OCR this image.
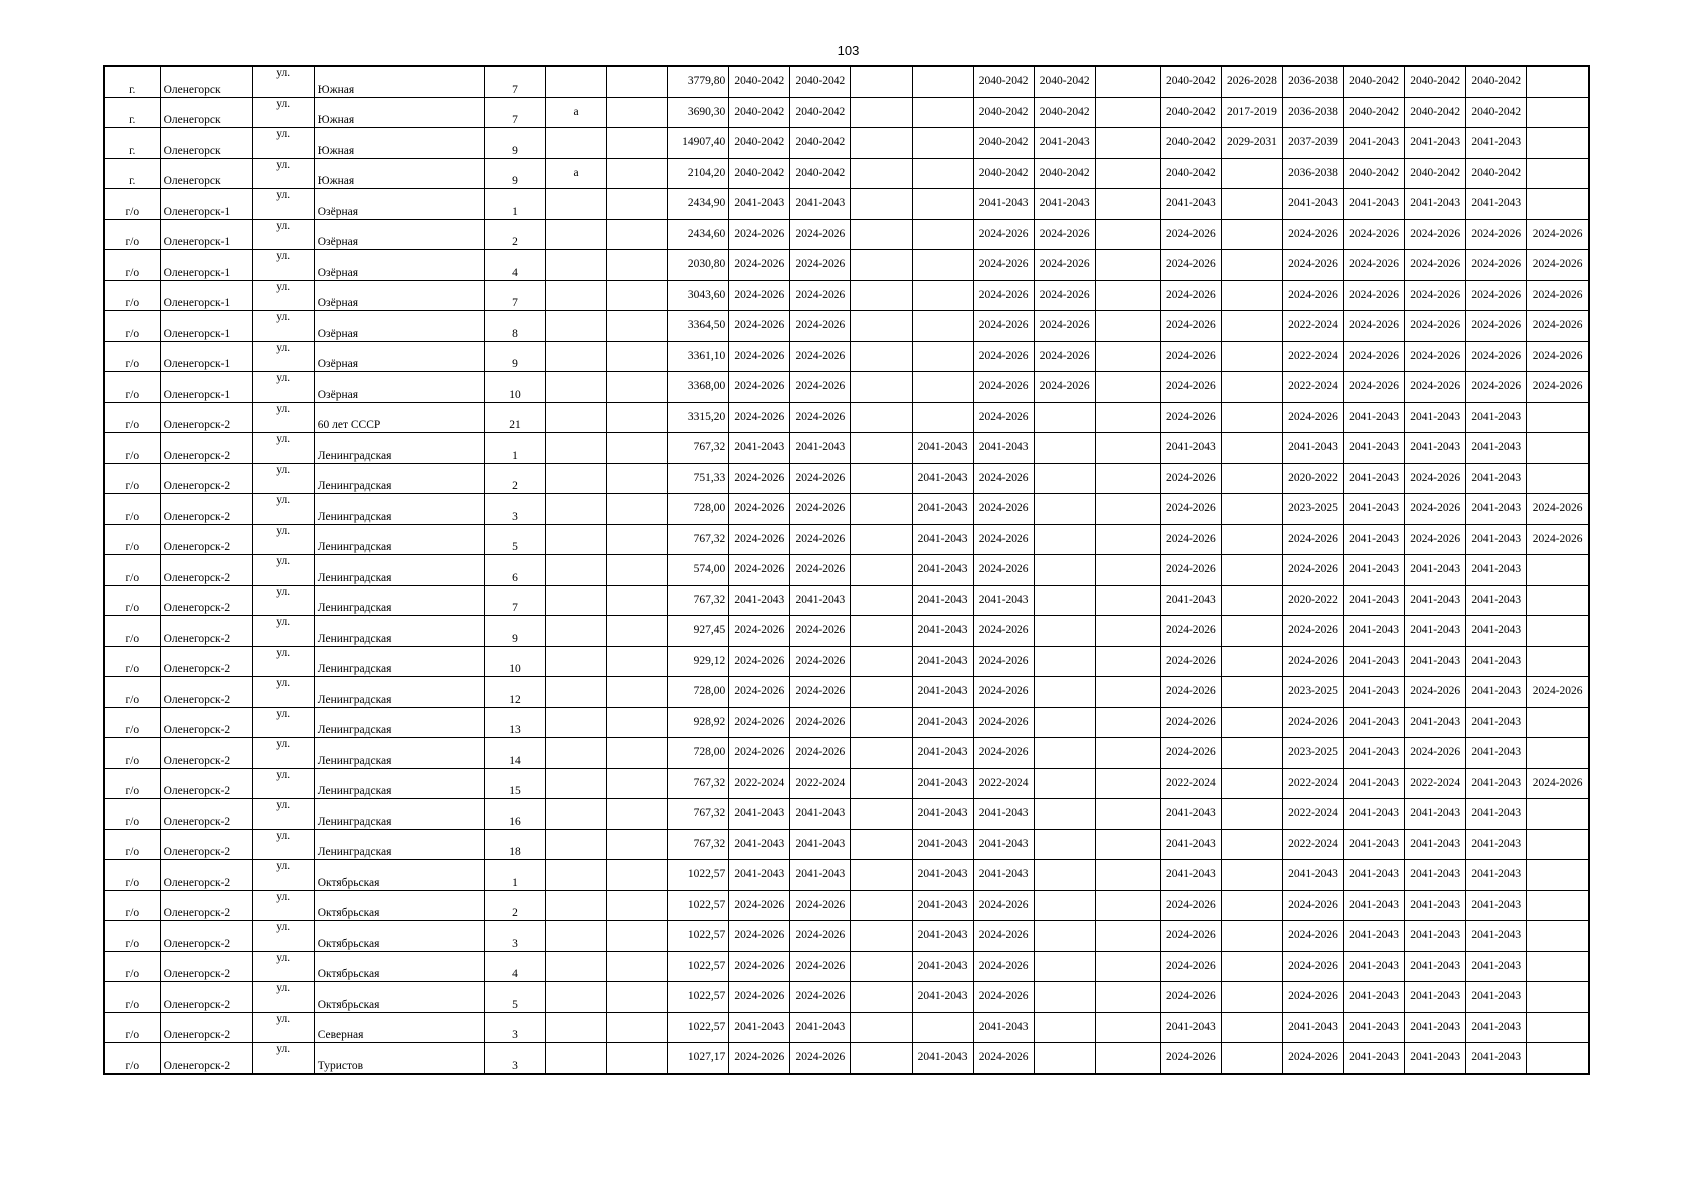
103
г.	Оленегорск	ул.	Южная	7			3779,80	2040-2042	2040-2042			2040-2042	2040-2042		2040-2042	2026-2028	2036-2038	2040-2042	2040-2042	2040-2042	
г.	Оленегорск	ул.	Южная	7	а		3690,30	2040-2042	2040-2042			2040-2042	2040-2042		2040-2042	2017-2019	2036-2038	2040-2042	2040-2042	2040-2042	
г.	Оленегорск	ул.	Южная	9			14907,40	2040-2042	2040-2042			2040-2042	2041-2043		2040-2042	2029-2031	2037-2039	2041-2043	2041-2043	2041-2043	
г.	Оленегорск	ул.	Южная	9	а		2104,20	2040-2042	2040-2042			2040-2042	2040-2042		2040-2042		2036-2038	2040-2042	2040-2042	2040-2042	
г/о	Оленегорск-1	ул.	Озёрная	1			2434,90	2041-2043	2041-2043			2041-2043	2041-2043		2041-2043		2041-2043	2041-2043	2041-2043	2041-2043	
г/о	Оленегорск-1	ул.	Озёрная	2			2434,60	2024-2026	2024-2026			2024-2026	2024-2026		2024-2026		2024-2026	2024-2026	2024-2026	2024-2026	2024-2026
г/о	Оленегорск-1	ул.	Озёрная	4			2030,80	2024-2026	2024-2026			2024-2026	2024-2026		2024-2026		2024-2026	2024-2026	2024-2026	2024-2026	2024-2026
г/о	Оленегорск-1	ул.	Озёрная	7			3043,60	2024-2026	2024-2026			2024-2026	2024-2026		2024-2026		2024-2026	2024-2026	2024-2026	2024-2026	2024-2026
г/о	Оленегорск-1	ул.	Озёрная	8			3364,50	2024-2026	2024-2026			2024-2026	2024-2026		2024-2026		2022-2024	2024-2026	2024-2026	2024-2026	2024-2026
г/о	Оленегорск-1	ул.	Озёрная	9			3361,10	2024-2026	2024-2026			2024-2026	2024-2026		2024-2026		2022-2024	2024-2026	2024-2026	2024-2026	2024-2026
г/о	Оленегорск-1	ул.	Озёрная	10			3368,00	2024-2026	2024-2026			2024-2026	2024-2026		2024-2026		2022-2024	2024-2026	2024-2026	2024-2026	2024-2026
г/о	Оленегорск-2	ул.	60 лет СССР	21			3315,20	2024-2026	2024-2026			2024-2026			2024-2026		2024-2026	2041-2043	2041-2043	2041-2043	
г/о	Оленегорск-2	ул.	Ленинградская	1			767,32	2041-2043	2041-2043		2041-2043	2041-2043			2041-2043		2041-2043	2041-2043	2041-2043	2041-2043	
г/о	Оленегорск-2	ул.	Ленинградская	2			751,33	2024-2026	2024-2026		2041-2043	2024-2026			2024-2026		2020-2022	2041-2043	2024-2026	2041-2043	
г/о	Оленегорск-2	ул.	Ленинградская	3			728,00	2024-2026	2024-2026		2041-2043	2024-2026			2024-2026		2023-2025	2041-2043	2024-2026	2041-2043	2024-2026
г/о	Оленегорск-2	ул.	Ленинградская	5			767,32	2024-2026	2024-2026		2041-2043	2024-2026			2024-2026		2024-2026	2041-2043	2024-2026	2041-2043	2024-2026
г/о	Оленегорск-2	ул.	Ленинградская	6			574,00	2024-2026	2024-2026		2041-2043	2024-2026			2024-2026		2024-2026	2041-2043	2041-2043	2041-2043	
г/о	Оленегорск-2	ул.	Ленинградская	7			767,32	2041-2043	2041-2043		2041-2043	2041-2043			2041-2043		2020-2022	2041-2043	2041-2043	2041-2043	
г/о	Оленегорск-2	ул.	Ленинградская	9			927,45	2024-2026	2024-2026		2041-2043	2024-2026			2024-2026		2024-2026	2041-2043	2041-2043	2041-2043	
г/о	Оленегорск-2	ул.	Ленинградская	10			929,12	2024-2026	2024-2026		2041-2043	2024-2026			2024-2026		2024-2026	2041-2043	2041-2043	2041-2043	
г/о	Оленегорск-2	ул.	Ленинградская	12			728,00	2024-2026	2024-2026		2041-2043	2024-2026			2024-2026		2023-2025	2041-2043	2024-2026	2041-2043	2024-2026
г/о	Оленегорск-2	ул.	Ленинградская	13			928,92	2024-2026	2024-2026		2041-2043	2024-2026			2024-2026		2024-2026	2041-2043	2041-2043	2041-2043	
г/о	Оленегорск-2	ул.	Ленинградская	14			728,00	2024-2026	2024-2026		2041-2043	2024-2026			2024-2026		2023-2025	2041-2043	2024-2026	2041-2043	
г/о	Оленегорск-2	ул.	Ленинградская	15			767,32	2022-2024	2022-2024		2041-2043	2022-2024			2022-2024		2022-2024	2041-2043	2022-2024	2041-2043	2024-2026
г/о	Оленегорск-2	ул.	Ленинградская	16			767,32	2041-2043	2041-2043		2041-2043	2041-2043			2041-2043		2022-2024	2041-2043	2041-2043	2041-2043	
г/о	Оленегорск-2	ул.	Ленинградская	18			767,32	2041-2043	2041-2043		2041-2043	2041-2043			2041-2043		2022-2024	2041-2043	2041-2043	2041-2043	
г/о	Оленегорск-2	ул.	Октябрьская	1			1022,57	2041-2043	2041-2043		2041-2043	2041-2043			2041-2043		2041-2043	2041-2043	2041-2043	2041-2043	
г/о	Оленегорск-2	ул.	Октябрьская	2			1022,57	2024-2026	2024-2026		2041-2043	2024-2026			2024-2026		2024-2026	2041-2043	2041-2043	2041-2043	
г/о	Оленегорск-2	ул.	Октябрьская	3			1022,57	2024-2026	2024-2026		2041-2043	2024-2026			2024-2026		2024-2026	2041-2043	2041-2043	2041-2043	
г/о	Оленегорск-2	ул.	Октябрьская	4			1022,57	2024-2026	2024-2026		2041-2043	2024-2026			2024-2026		2024-2026	2041-2043	2041-2043	2041-2043	
г/о	Оленегорск-2	ул.	Октябрьская	5			1022,57	2024-2026	2024-2026		2041-2043	2024-2026			2024-2026		2024-2026	2041-2043	2041-2043	2041-2043	
г/о	Оленегорск-2	ул.	Северная	3			1022,57	2041-2043	2041-2043			2041-2043			2041-2043		2041-2043	2041-2043	2041-2043	2041-2043	
г/о	Оленегорск-2	ул.	Туристов	3			1027,17	2024-2026	2024-2026		2041-2043	2024-2026			2024-2026		2024-2026	2041-2043	2041-2043	2041-2043	
